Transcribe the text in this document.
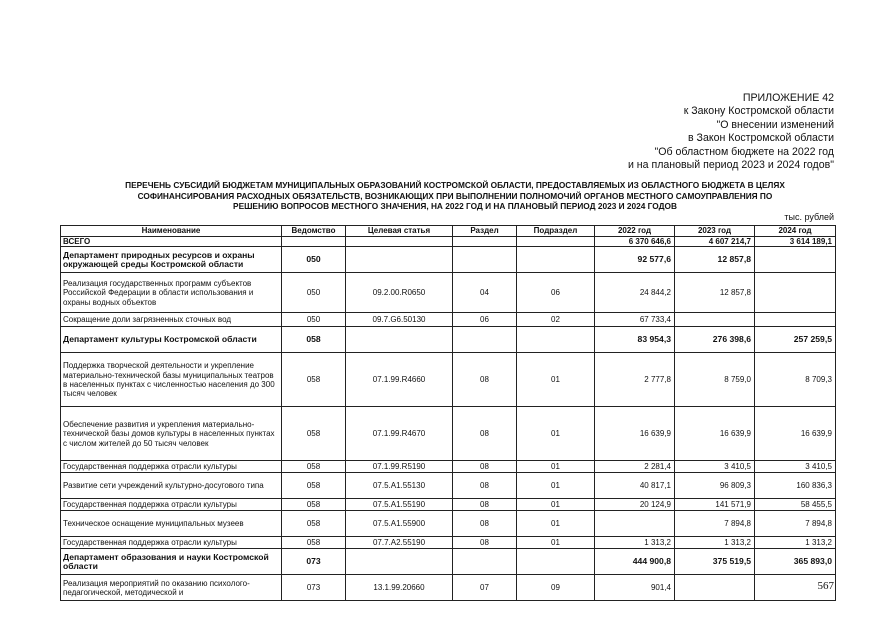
ПРИЛОЖЕНИЕ 42
к Закону Костромской области
"О внесении изменений
в Закон Костромской области
"Об областном бюджете на 2022 год
и на плановый период 2023 и 2024 годов"
ПЕРЕЧЕНЬ СУБСИДИЙ БЮДЖЕТАМ МУНИЦИПАЛЬНЫХ ОБРАЗОВАНИЙ КОСТРОМСКОЙ ОБЛАСТИ, ПРЕДОСТАВЛЯЕМЫХ ИЗ ОБЛАСТНОГО БЮДЖЕТА В ЦЕЛЯХ
СОФИНАНСИРОВАНИЯ РАСХОДНЫХ ОБЯЗАТЕЛЬСТВ, ВОЗНИКАЮЩИХ ПРИ ВЫПОЛНЕНИИ ПОЛНОМОЧИЙ ОРГАНОВ МЕСТНОГО САМОУПРАВЛЕНИЯ ПО
РЕШЕНИЮ ВОПРОСОВ МЕСТНОГО ЗНАЧЕНИЯ, НА 2022 ГОД И НА ПЛАНОВЫЙ ПЕРИОД 2023 И 2024 ГОДОВ
тыс. рублей
Наименование	Ведомство	Целевая статья	Раздел	Подраздел	2022 год	2023 год	2024 год
ВСЕГО					6 370 646,6	4 607 214,7	3 614 189,1
Департамент природных ресурсов и охраны окружающей среды Костромской области	050				92 577,6	12 857,8	
Реализация государственных программ субъектов Российской Федерации в области использования и охраны водных объектов	050	09.2.00.R0650	04	06	24 844,2	12 857,8	
Сокращение доли загрязненных сточных вод	050	09.7.G6.50130	06	02	67 733,4		
Департамент культуры Костромской области	058				83 954,3	276 398,6	257 259,5
Поддержка творческой деятельности и укрепление материально-технической базы муниципальных театров в населенных пунктах с численностью населения до 300 тысяч человек	058	07.1.99.R4660	08	01	2 777,8	8 759,0	8 709,3
Обеспечение развития и укрепления материально-технической базы домов культуры в населенных пунктах с числом жителей до 50 тысяч человек	058	07.1.99.R4670	08	01	16 639,9	16 639,9	16 639,9
Государственная поддержка отрасли культуры	058	07.1.99.R5190	08	01	2 281,4	3 410,5	3 410,5
Развитие сети учреждений культурно-досугового типа	058	07.5.A1.55130	08	01	40 817,1	96 809,3	160 836,3
Государственная поддержка отрасли культуры	058	07.5.A1.55190	08	01	20 124,9	141 571,9	58 455,5
Техническое оснащение муниципальных музеев	058	07.5.A1.55900	08	01		7 894,8	7 894,8
Государственная поддержка отрасли культуры	058	07.7.A2.55190	08	01	1 313,2	1 313,2	1 313,2
Департамент образования и науки Костромской области	073				444 900,8	375 519,5	365 893,0
Реализация мероприятий по оказанию психолого-педагогической, методической и	073	13.1.99.20660	07	09	901,4			567
